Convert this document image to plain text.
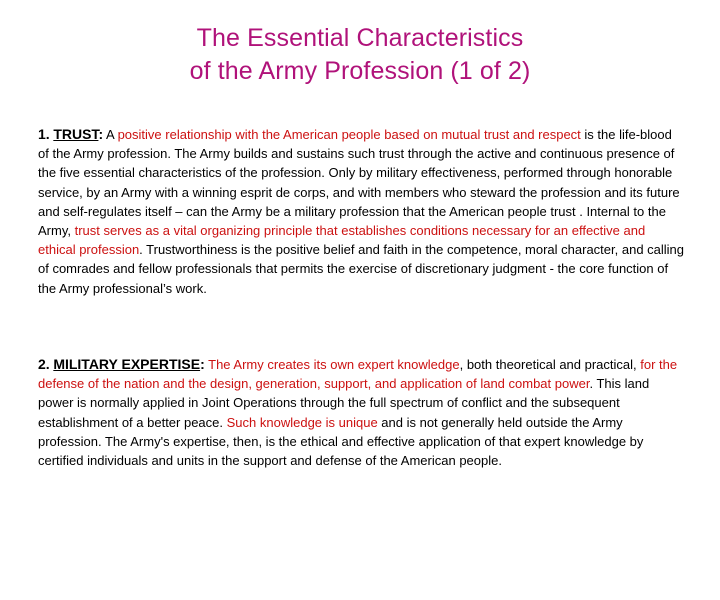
The Essential Characteristics
of the Army Profession (1 of 2)
1. TRUST: A positive relationship with the American people based on mutual trust and respect is the life-blood of the Army profession. The Army builds and sustains such trust through the active and continuous presence of the five essential characteristics of the profession. Only by military effectiveness, performed through honorable service, by an Army with a winning esprit de corps, and with members who steward the profession and its future and self-regulates itself – can the Army be a military profession that the American people trust . Internal to the Army, trust serves as a vital organizing principle that establishes conditions necessary for an effective and ethical profession. Trustworthiness is the positive belief and faith in the competence, moral character, and calling of comrades and fellow professionals that permits the exercise of discretionary judgment - the core function of the Army professional’s work.
2. MILITARY EXPERTISE: The Army creates its own expert knowledge, both theoretical and practical, for the defense of the nation and the design, generation, support, and application of land combat power. This land power is normally applied in Joint Operations through the full spectrum of conflict and the subsequent establishment of a better peace. Such knowledge is unique and is not generally held outside the Army profession. The Army's expertise, then, is the ethical and effective application of that expert knowledge by certified individuals and units in the support and defense of the American people.
